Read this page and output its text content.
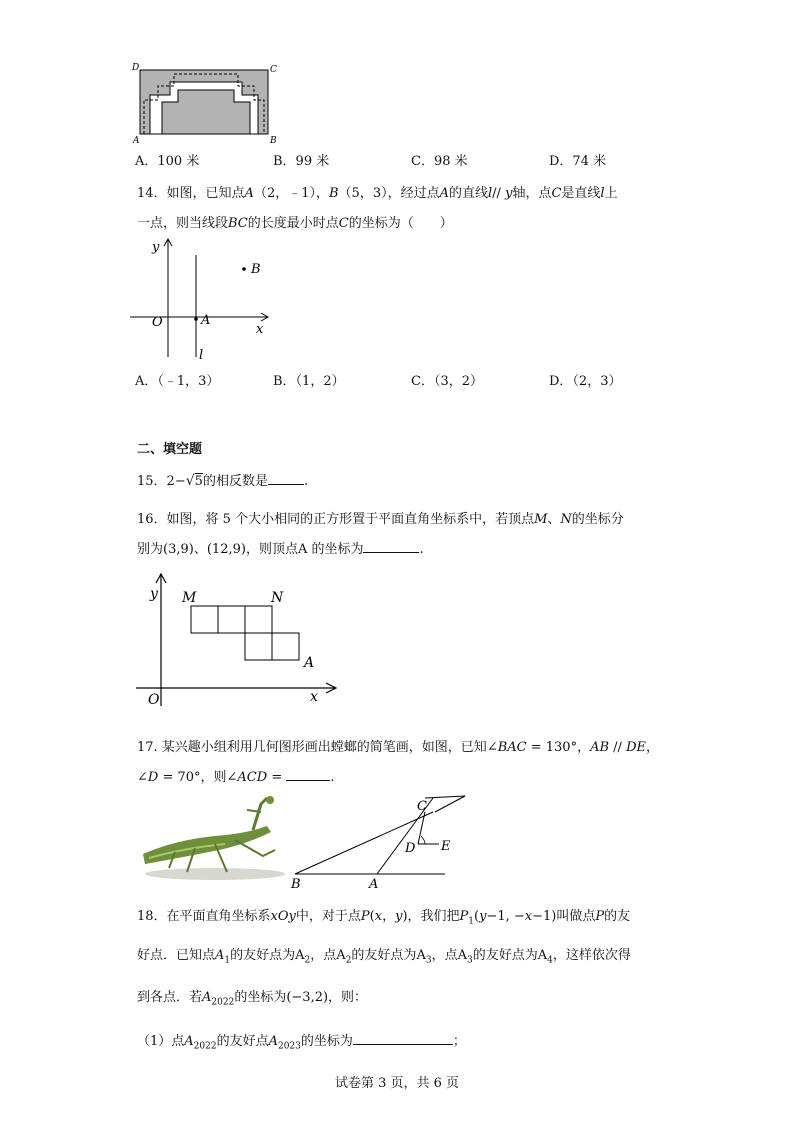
D	C
A	B
A．100 米	B．99 米	C．98 米	D．74 米
14．如图，已知点A（2，﹣1），B（5，3），经过点A的直线l// y轴，点C是直线l上
一点，则当线段BC的长度最小时点C的坐标为（　　）
y
O	A
B
x
l
A．（﹣1，3）	B．（1，2）	C．（3，2）	D．（2，3）
二、填空题
15．2−√5的相反数是	.
16．如图，将 5 个大小相同的正方形置于平面直角坐标系中，若顶点M、N的坐标分
别为(3,9)、(12,9)，则顶点A 的坐标为	.
y M	N
A
O	x
17. 某兴趣小组利用几何图形画出螳螂的简笔画，如图，已知∠BAC = 130°，AB // DE，
∠D = 70°，则∠ACD =	.
C
D E
B	A
18．在平面直角坐标系xOy中，对于点P(x，y)，我们把$P_1(y-1$, −x−1)叫做点P的友
好点．已知点$A_1$的友好点为$A_2$，点$A_2$的友好点为$A_3$，点$A_3$的友好点为$A_4$，这样依次得
到各点．若$A_{2022}$的坐标为(−3,2)，则：
（1）点$A_{2022}$的友好点$A_{2023}$的坐标为	；
试卷第 3 页，共 6 页
